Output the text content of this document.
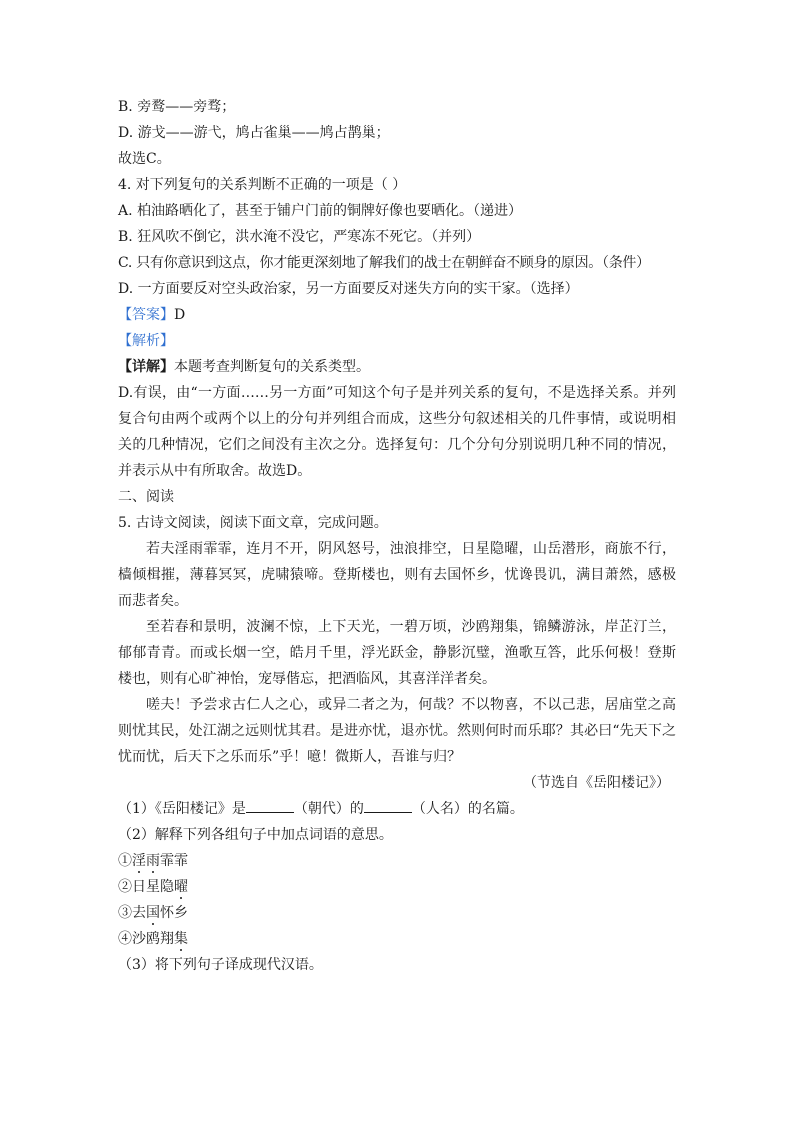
B. 旁鹜——旁骛；
D. 游戈——游弋，鸠占雀巢——鸠占鹊巢；
故选C。
4. 对下列复句的关系判断不正确的一项是（ ）
A. 柏油路晒化了，甚至于铺户门前的铜牌好像也要晒化。（递进）
B. 狂风吹不倒它，洪水淹不没它，严寒冻不死它。（并列）
C. 只有你意识到这点，你才能更深刻地了解我们的战士在朝鲜奋不顾身的原因。（条件）
D. 一方面要反对空头政治家，另一方面要反对迷失方向的实干家。（选择）
【答案】D
【解析】
【详解】本题考查判断复句的关系类型。
D.有误，由“一方面……另一方面”可知这个句子是并列关系的复句，不是选择关系。并列复合句由两个或两个以上的分句并列组合而成，这些分句叙述相关的几件事情，或说明相关的几种情况，它们之间没有主次之分。选择复句：几个分句分别说明几种不同的情况，并表示从中有所取舍。故选D。
二、阅读
5. 古诗文阅读，阅读下面文章，完成问题。
若夫淫雨霏霏，连月不开，阴风怒号，浊浪排空，日星隐曜，山岳潜形，商旅不行，樯倾楫摧，薄暮冥冥，虎啸猿啼。登斯楼也，则有去国怀乡，忧谗畏讥，满目萧然，感极而悲者矣。
至若春和景明，波澜不惊，上下天光，一碧万顷，沙鸥翔集，锦鳞游泳，岸芷汀兰，郁郁青青。而或长烟一空，皓月千里，浮光跃金，静影沉璧，渔歌互答，此乐何极！登斯楼也，则有心旷神怡，宠辱偕忘，把酒临风，其喜洋洋者矣。
嗟夫！予尝求古仁人之心，或异二者之为，何哉？不以物喜，不以己悲，居庙堂之高则忧其民，处江湖之远则忧其君。是进亦忧，退亦忧。然则何时而乐耶？其必曰“先天下之忧而忧，后天下之乐而乐”乎！噫！微斯人，吾谁与归？
（节选自《岳阳楼记》）
（1）《岳阳楼记》是	（朝代）的	（人名）的名篇。
（2）解释下列各组句子中加点词语的意思。
①淫雨霏霏
②日星隐曜
③去国怀乡
④沙鸥翔集
（3）将下列句子译成现代汉语。
